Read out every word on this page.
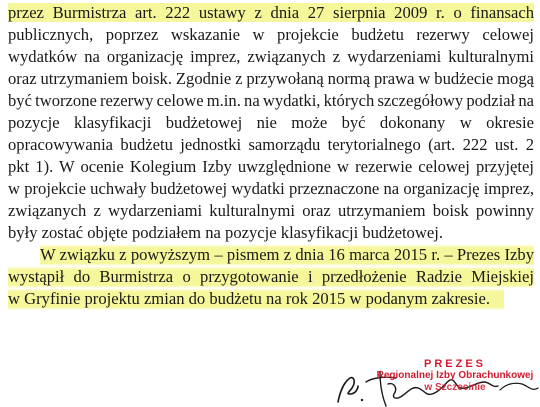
przez Burmistrza art. 222 ustawy z dnia 27 sierpnia 2009 r. o finansach
publicznych, poprzez wskazanie w projekcie budżetu rezerwy celowej
wydatków na organizację imprez, związanych z wydarzeniami kulturalnymi
oraz utrzymaniem boisk. Zgodnie z przywołaną normą prawa w budżecie mogą
być tworzone rezerwy celowe m.in. na wydatki, których szczegółowy podział na
pozycje klasyfikacji budżetowej nie może być dokonany w okresie
opracowywania budżetu jednostki samorządu terytorialnego (art. 222 ust. 2
pkt 1). W ocenie Kolegium Izby uwzględnione w rezerwie celowej przyjętej
w projekcie uchwały budżetowej wydatki przeznaczone na organizację imprez,
związanych z wydarzeniami kulturalnymi oraz utrzymaniem boisk powinny
były zostać objęte podziałem na pozycje klasyfikacji budżetowej.
W związku z powyższym – pismem z dnia 16 marca 2015 r. – Prezes Izby
wystąpił do Burmistrza o przygotowanie i przedłożenie Radzie Miejskiej
w Gryfinie projektu zmian do budżetu na rok 2015 w podanym zakresie.
PREZES
Regionalnej Izby Obrachunkowej
w Szczecinie
